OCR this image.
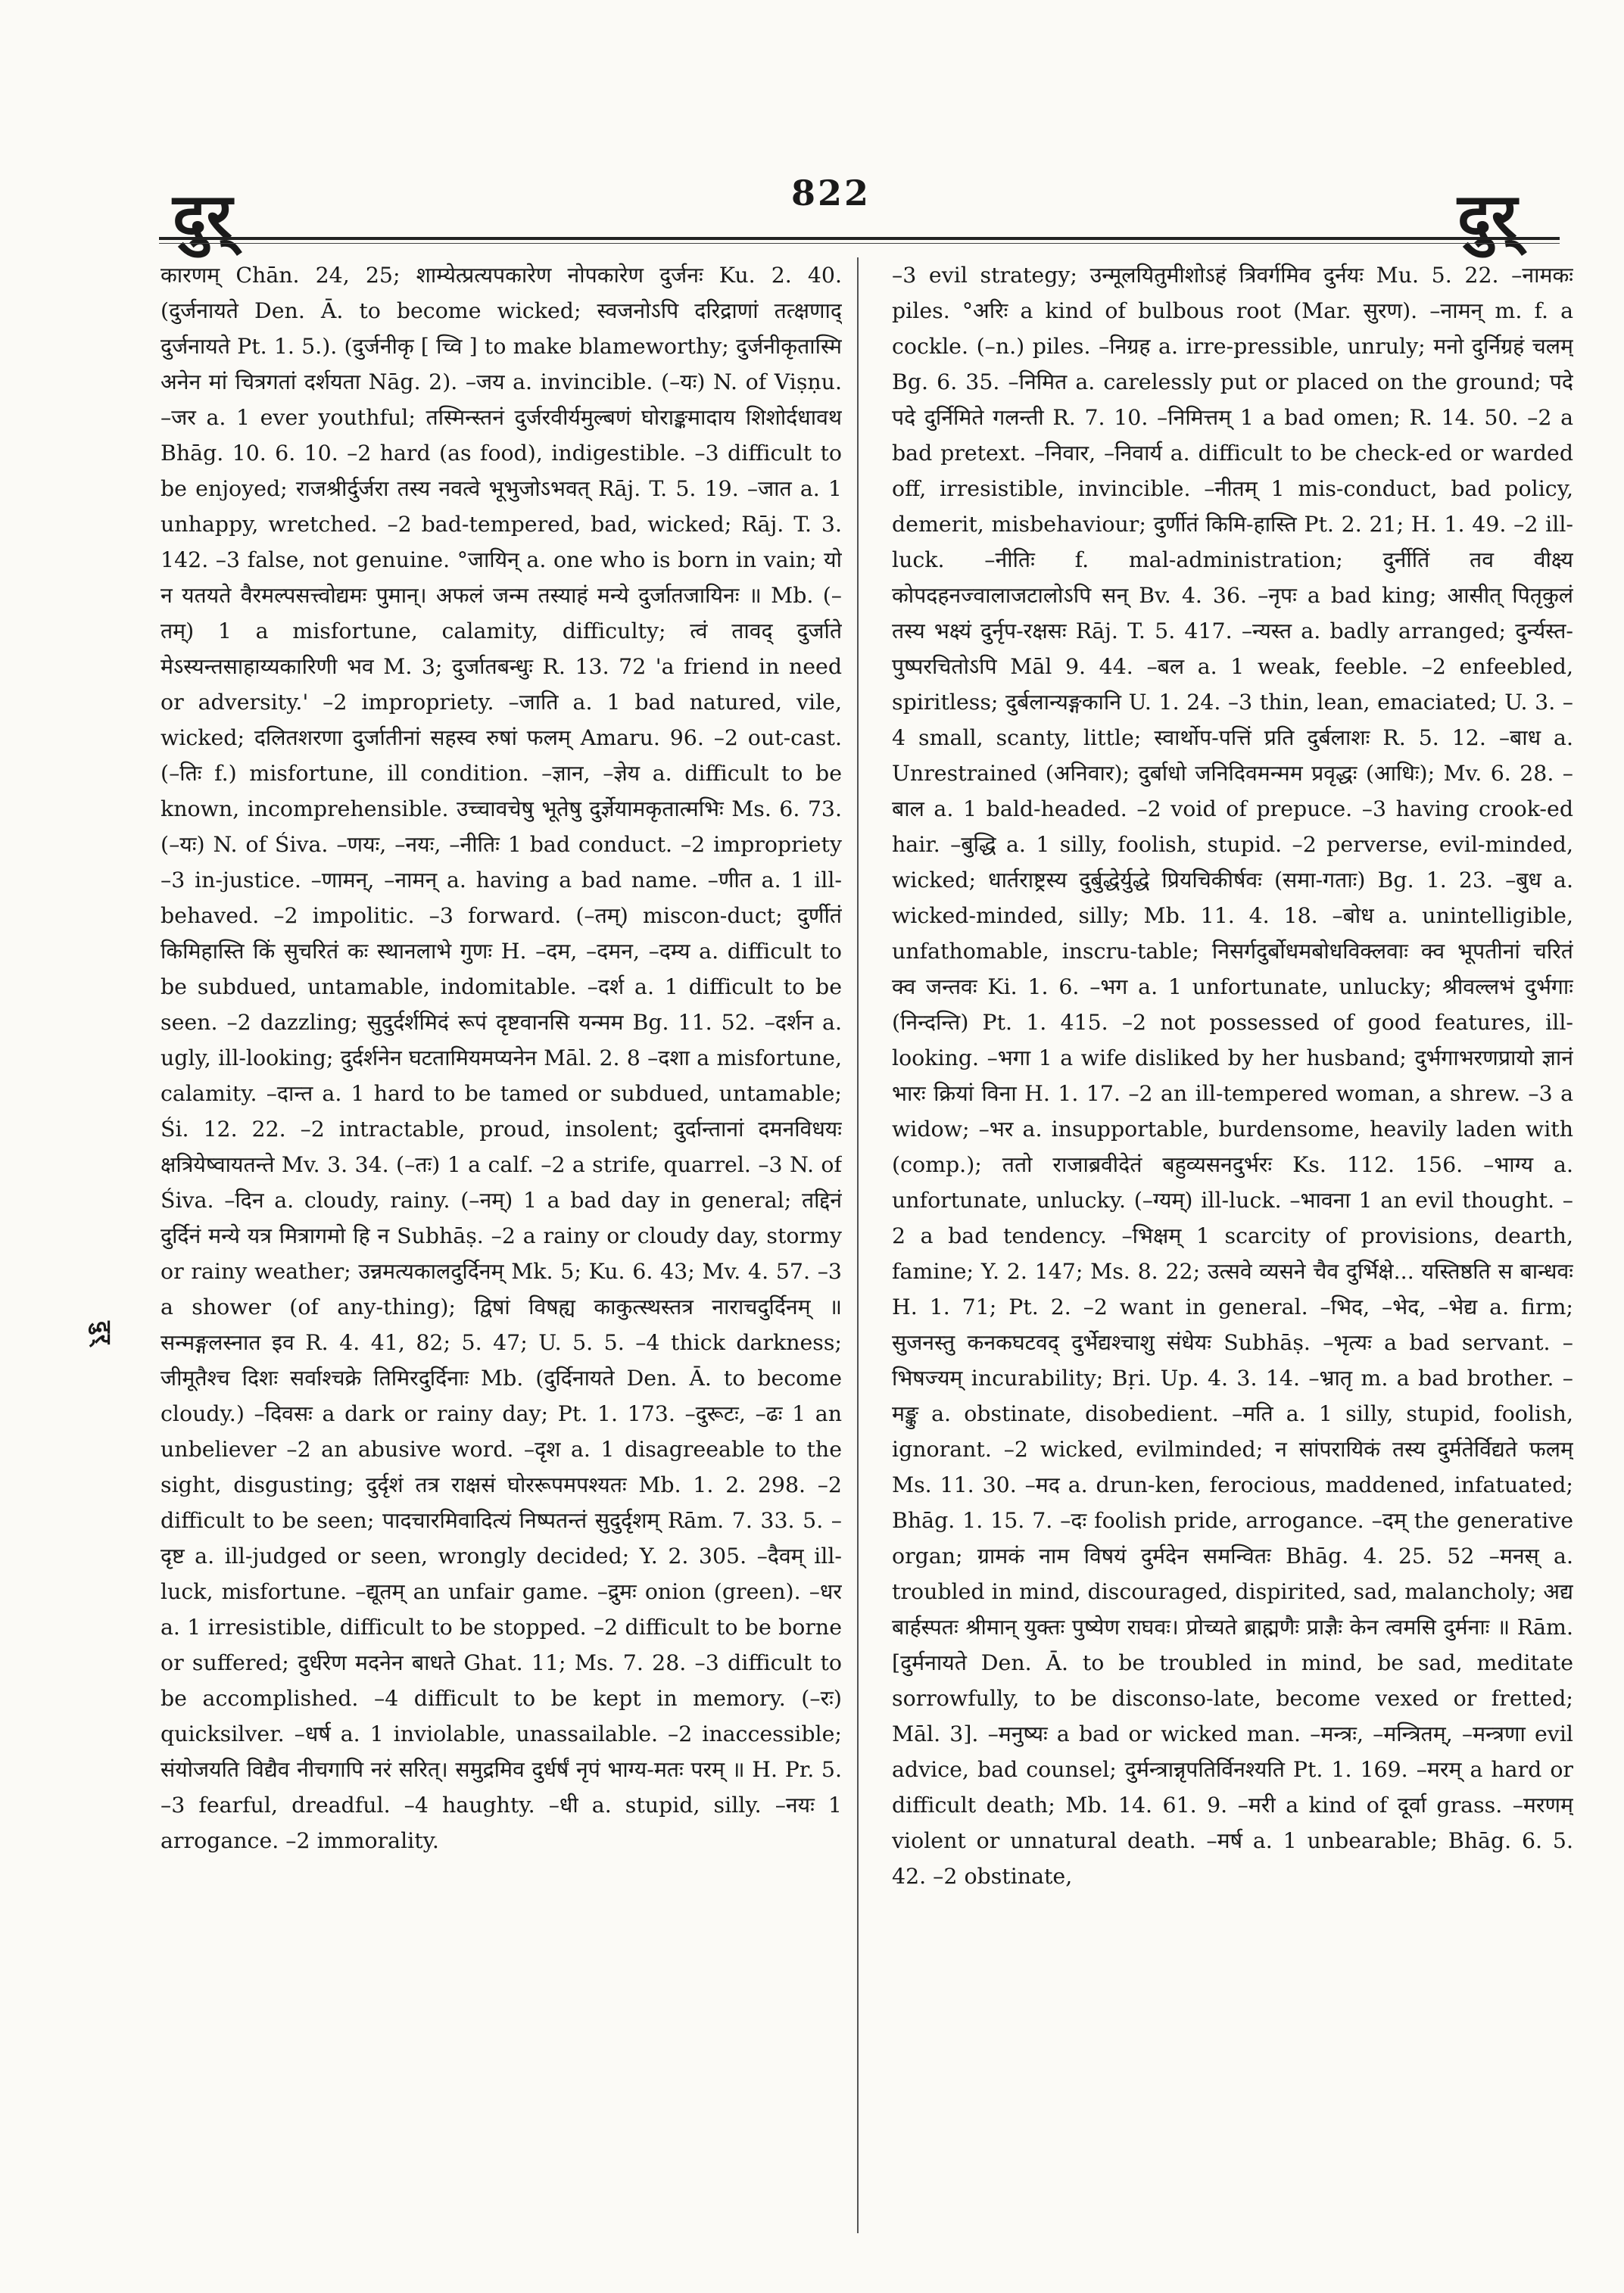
दुर्	822	दुर्
दुर्

कारणम् Chān. 24, 25; शाम्येत्प्रत्यपकारेण नोपकारेण दुर्जनः Ku. 2. 40. (दुर्जनायते Den. Ā. to become wicked; स्वजनोऽपि दरिद्राणां तत्क्षणाद् दुर्जनायते Pt. 1. 5.). (दुर्जनीकृ [ च्वि ] to make blameworthy; दुर्जनीकृतास्मि अनेन मां चित्रगतां दर्शयता Nāg. 2). –जय a. invincible. (–यः) N. of Viṣṇu. –जर a. 1 ever youthful; तस्मिन्स्तनं दुर्जरवीर्यमुल्बणं घोराङ्कमादाय शिशोर्दधावथ Bhāg. 10. 6. 10. –2 hard (as food), indigestible. –3 difficult to be enjoyed; राजश्रीर्दुर्जरा तस्य नवत्वे भूभुजोऽभवत् Rāj. T. 5. 19. –जात a. 1 unhappy, wretched. –2 bad-tempered, bad, wicked; Rāj. T. 3. 142. –3 false, not genuine. °जायिन् a. one who is born in vain; यो न यतयते वैरमल्पसत्त्वोद्यमः पुमान्। अफलं जन्म तस्याहं मन्ये दुर्जातजायिनः ॥ Mb. (–तम्) 1 a misfortune, calamity, difficulty; त्वं तावद् दुर्जाते मेऽस्यन्तसाहाय्यकारिणी भव M. 3; दुर्जातबन्धुः R. 13. 72 'a friend in need or adversity.' –2 impropriety. –जाति a. 1 bad natured, vile, wicked; दलितशरणा दुर्जातीनां सहस्व रुषां फलम् Amaru. 96. –2 out-cast. (–तिः f.) misfortune, ill condition. –ज्ञान, –ज्ञेय a. difficult to be known, incomprehensible. उच्चावचेषु भूतेषु दुर्ज्ञेयामकृतात्मभिः Ms. 6. 73. (–यः) N. of Śiva. –णयः, –नयः, –नीतिः 1 bad conduct. –2 impropriety –3 in-justice. –णामन्, –नामन् a. having a bad name. –णीत a. 1 ill-behaved. –2 impolitic. –3 forward. (–तम्) miscon-duct; दुर्णीतं किमिहास्ति किं सुचरितं कः स्थानलाभे गुणः H. –दम, –दमन, –दम्य a. difficult to be subdued, untamable, indomitable. –दर्श a. 1 difficult to be seen. –2 dazzling; सुदुर्दर्शमिदं रूपं दृष्टवानसि यन्मम Bg. 11. 52. –दर्शन a. ugly, ill-looking; दुर्दर्शनेन घटतामियमप्यनेन Māl. 2. 8 –दशा a misfortune, calamity. –दान्त a. 1 hard to be tamed or subdued, untamable; Śi. 12. 22. –2 intractable, proud, insolent; दुर्दान्तानां दमनविधयः क्षत्रियेष्वायतन्ते Mv. 3. 34. (–तः) 1 a calf. –2 a strife, quarrel. –3 N. of Śiva. –दिन a. cloudy, rainy. (–नम्) 1 a bad day in general; तद्दिनं दुर्दिनं मन्ये यत्र मित्रागमो हि न Subhāṣ. –2 a rainy or cloudy day, stormy or rainy weather; उन्नमत्यकालदुर्दिनम् Mk. 5; Ku. 6. 43; Mv. 4. 57. –3 a shower (of any-thing); द्विषां विषह्य काकुत्स्थस्तत्र नाराचदुर्दिनम् ॥ सन्मङ्गलस्नात इव R. 4. 41, 82; 5. 47; U. 5. 5. –4 thick darkness; जीमूतैश्च दिशः सर्वाश्चक्रे तिमिरदुर्दिनाः Mb. (दुर्दिनायते Den. Ā. to become cloudy.) –दिवसः a dark or rainy day; Pt. 1. 173. –दुरूटः, –ढः 1 an unbeliever –2 an abusive word. –दृश a. 1 disagreeable to the sight, disgusting; दुर्दृशं तत्र राक्षसं घोररूपमपश्यतः Mb. 1. 2. 298. –2 difficult to be seen; पादचारमिवादित्यं निष्पतन्तं सुदुर्दृशम् Rām. 7. 33. 5. –दृष्ट a. ill-judged or seen, wrongly decided; Y. 2. 305. –दैवम् ill-luck, misfortune. –द्यूतम् an unfair game. –द्रुमः onion (green). –धर a. 1 irresistible, difficult to be stopped. –2 difficult to be borne or suffered; दुर्धरेण मदनेन बाधते Ghat. 11; Ms. 7. 28. –3 difficult to be accomplished. –4 difficult to be kept in memory. (–रः) quicksilver. –धर्ष a. 1 inviolable, unassailable. –2 inaccessible; संयोजयति विद्यैव नीचगापि नरं सरित्। समुद्रमिव दुर्धर्षं नृपं भाग्य-मतः परम् ॥ H. Pr. 5. –3 fearful, dreadful. –4 haughty. –धी a. stupid, silly. –नयः 1 arrogance. –2 immorality.

–3 evil strategy; उन्मूलयितुमीशोऽहं त्रिवर्गमिव दुर्नयः Mu. 5. 22. –नामकः piles. °अरिः a kind of bulbous root (Mar. सुरण). –नामन् m. f. a cockle. (–n.) piles. –निग्रह a. irre-pressible, unruly; मनो दुर्निग्रहं चलम् Bg. 6. 35. –निमित a. carelessly put or placed on the ground; पदे पदे दुर्निमिते गलन्ती R. 7. 10. –निमित्तम् 1 a bad omen; R. 14. 50. –2 a bad pretext. –निवार, –निवार्य a. difficult to be check-ed or warded off, irresistible, invincible. –नीतम् 1 mis-conduct, bad policy, demerit, misbehaviour; दुर्णीतं किमि-हास्ति Pt. 2. 21; H. 1. 49. –2 ill-luck. –नीतिः f. mal-administration; दुर्नीतिं तव वीक्ष्य कोपदहनज्वालाजटालोऽपि सन् Bv. 4. 36. –नृपः a bad king; आसीत् पितृकुलं तस्य भक्ष्यं दुर्नृप-रक्षसः Rāj. T. 5. 417. –न्यस्त a. badly arranged; दुर्न्यस्त-पुष्परचितोऽपि Māl 9. 44. –बल a. 1 weak, feeble. –2 enfeebled, spiritless; दुर्बलान्यङ्गकानि U. 1. 24. –3 thin, lean, emaciated; U. 3. –4 small, scanty, little; स्वार्थोप-पत्तिं प्रति दुर्बलाशः R. 5. 12. –बाध a. Unrestrained (अनिवार); दुर्बाधो जनिदिवमन्मम प्रवृद्धः (आधिः); Mv. 6. 28. –बाल a. 1 bald-headed. –2 void of prepuce. –3 having crook-ed hair. –बुद्धि a. 1 silly, foolish, stupid. –2 perverse, evil-minded, wicked; धार्तराष्ट्रस्य दुर्बुद्धेर्युद्धे प्रियचिकीर्षवः (समा-गताः) Bg. 1. 23. –बुध a. wicked-minded, silly; Mb. 11. 4. 18. –बोध a. unintelligible, unfathomable, inscru-table; निसर्गदुर्बोधमबोधविक्लवाः क्व भूपतीनां चरितं क्व जन्तवः Ki. 1. 6. –भग a. 1 unfortunate, unlucky; श्रीवल्लभं दुर्भगाः (निन्दन्ति) Pt. 1. 415. –2 not possessed of good features, ill-looking. –भगा 1 a wife disliked by her husband; दुर्भगाभरणप्रायो ज्ञानं भारः क्रियां विना H. 1. 17. –2 an ill-tempered woman, a shrew. –3 a widow; –भर a. insupportable, burdensome, heavily laden with (comp.); ततो राजाब्रवीदेतं बहुव्यसनदुर्भरः Ks. 112. 156. –भाग्य a. unfortunate, unlucky. (–ग्यम्) ill-luck. –भावना 1 an evil thought. –2 a bad tendency. –भिक्षम् 1 scarcity of provisions, dearth, famine; Y. 2. 147; Ms. 8. 22; उत्सवे व्यसने चैव दुर्भिक्षे... यस्तिष्ठति स बान्धवः H. 1. 71; Pt. 2. –2 want in general. –भिद, –भेद, –भेद्य a. firm; सुजनस्तु कनकघटवद् दुर्भेद्यश्चाशु संधेयः Subhāṣ. –भृत्यः a bad servant. –भिषज्यम् incurability; Bṛi. Up. 4. 3. 14. –भ्रातृ m. a bad brother. –मङ्कु a. obstinate, disobedient. –मति a. 1 silly, stupid, foolish, ignorant. –2 wicked, evilminded; न सांपरायिकं तस्य दुर्मतेर्विद्यते फलम् Ms. 11. 30. –मद a. drun-ken, ferocious, maddened, infatuated; Bhāg. 1. 15. 7. –दः foolish pride, arrogance. –दम् the generative organ; ग्रामकं नाम विषयं दुर्मदेन समन्वितः Bhāg. 4. 25. 52 –मनस् a. troubled in mind, discouraged, dispirited, sad, malancholy; अद्य बार्हस्पतः श्रीमान् युक्तः पुष्येण राघवः। प्रोच्यते ब्राह्मणैः प्राज्ञैः केन त्वमसि दुर्मनाः ॥ Rām. [दुर्मनायते Den. Ā. to be troubled in mind, be sad, meditate sorrowfully, to be disconso-late, become vexed or fretted; Māl. 3]. –मनुष्यः a bad or wicked man. –मन्त्रः, –मन्त्रितम्, –मन्त्रणा evil advice, bad counsel; दुर्मन्त्रान्नृपतिर्विनश्यति Pt. 1. 169. –मरम् a hard or difficult death; Mb. 14. 61. 9. –मरी a kind of दूर्वा grass. –मरणम् violent or unnatural death. –मर्ष a. 1 unbearable; Bhāg. 6. 5. 42. –2 obstinate,
